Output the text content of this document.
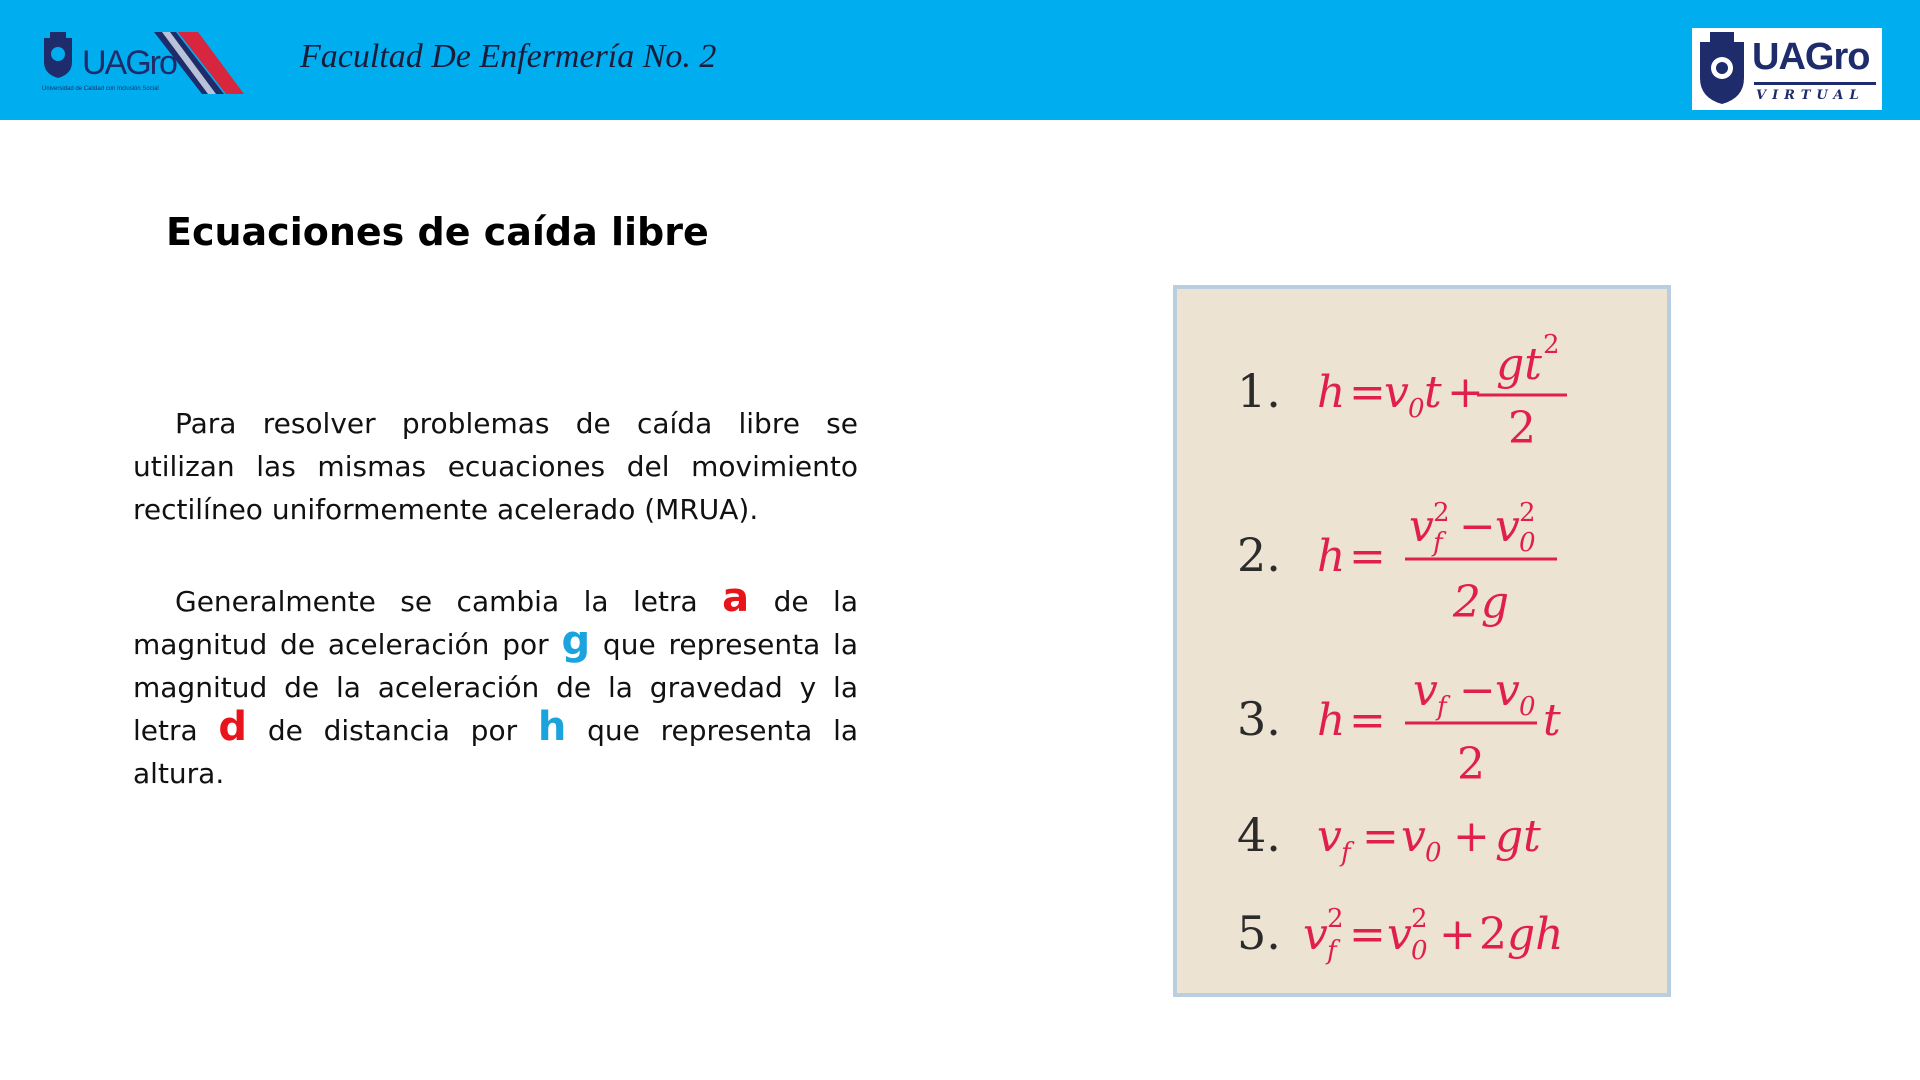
UAGro
Universidad de Calidad con Inclusión Social
Facultad De Enfermería No. 2	UAGro
VIRTUAL
Ecuaciones de caída libre

Para resolver problemas de caída libre se utilizan las mismas ecuaciones del movimiento rectilíneo uniformemente acelerado (MRUA).

Generalmente se cambia la letra a de la magnitud de aceleración por g que representa la magnitud de la aceleración de la gravedad y la letra d de distancia por h que representa la altura.

1.
2.
3.
4.
5.
h =
v 0 t +
gt 2
2
h =
v f
2 − v 0
2
2g
h =
v f − v 0
2
t
v f = v 0 + gt
v f
2 = v 0
2 + 2 gh
